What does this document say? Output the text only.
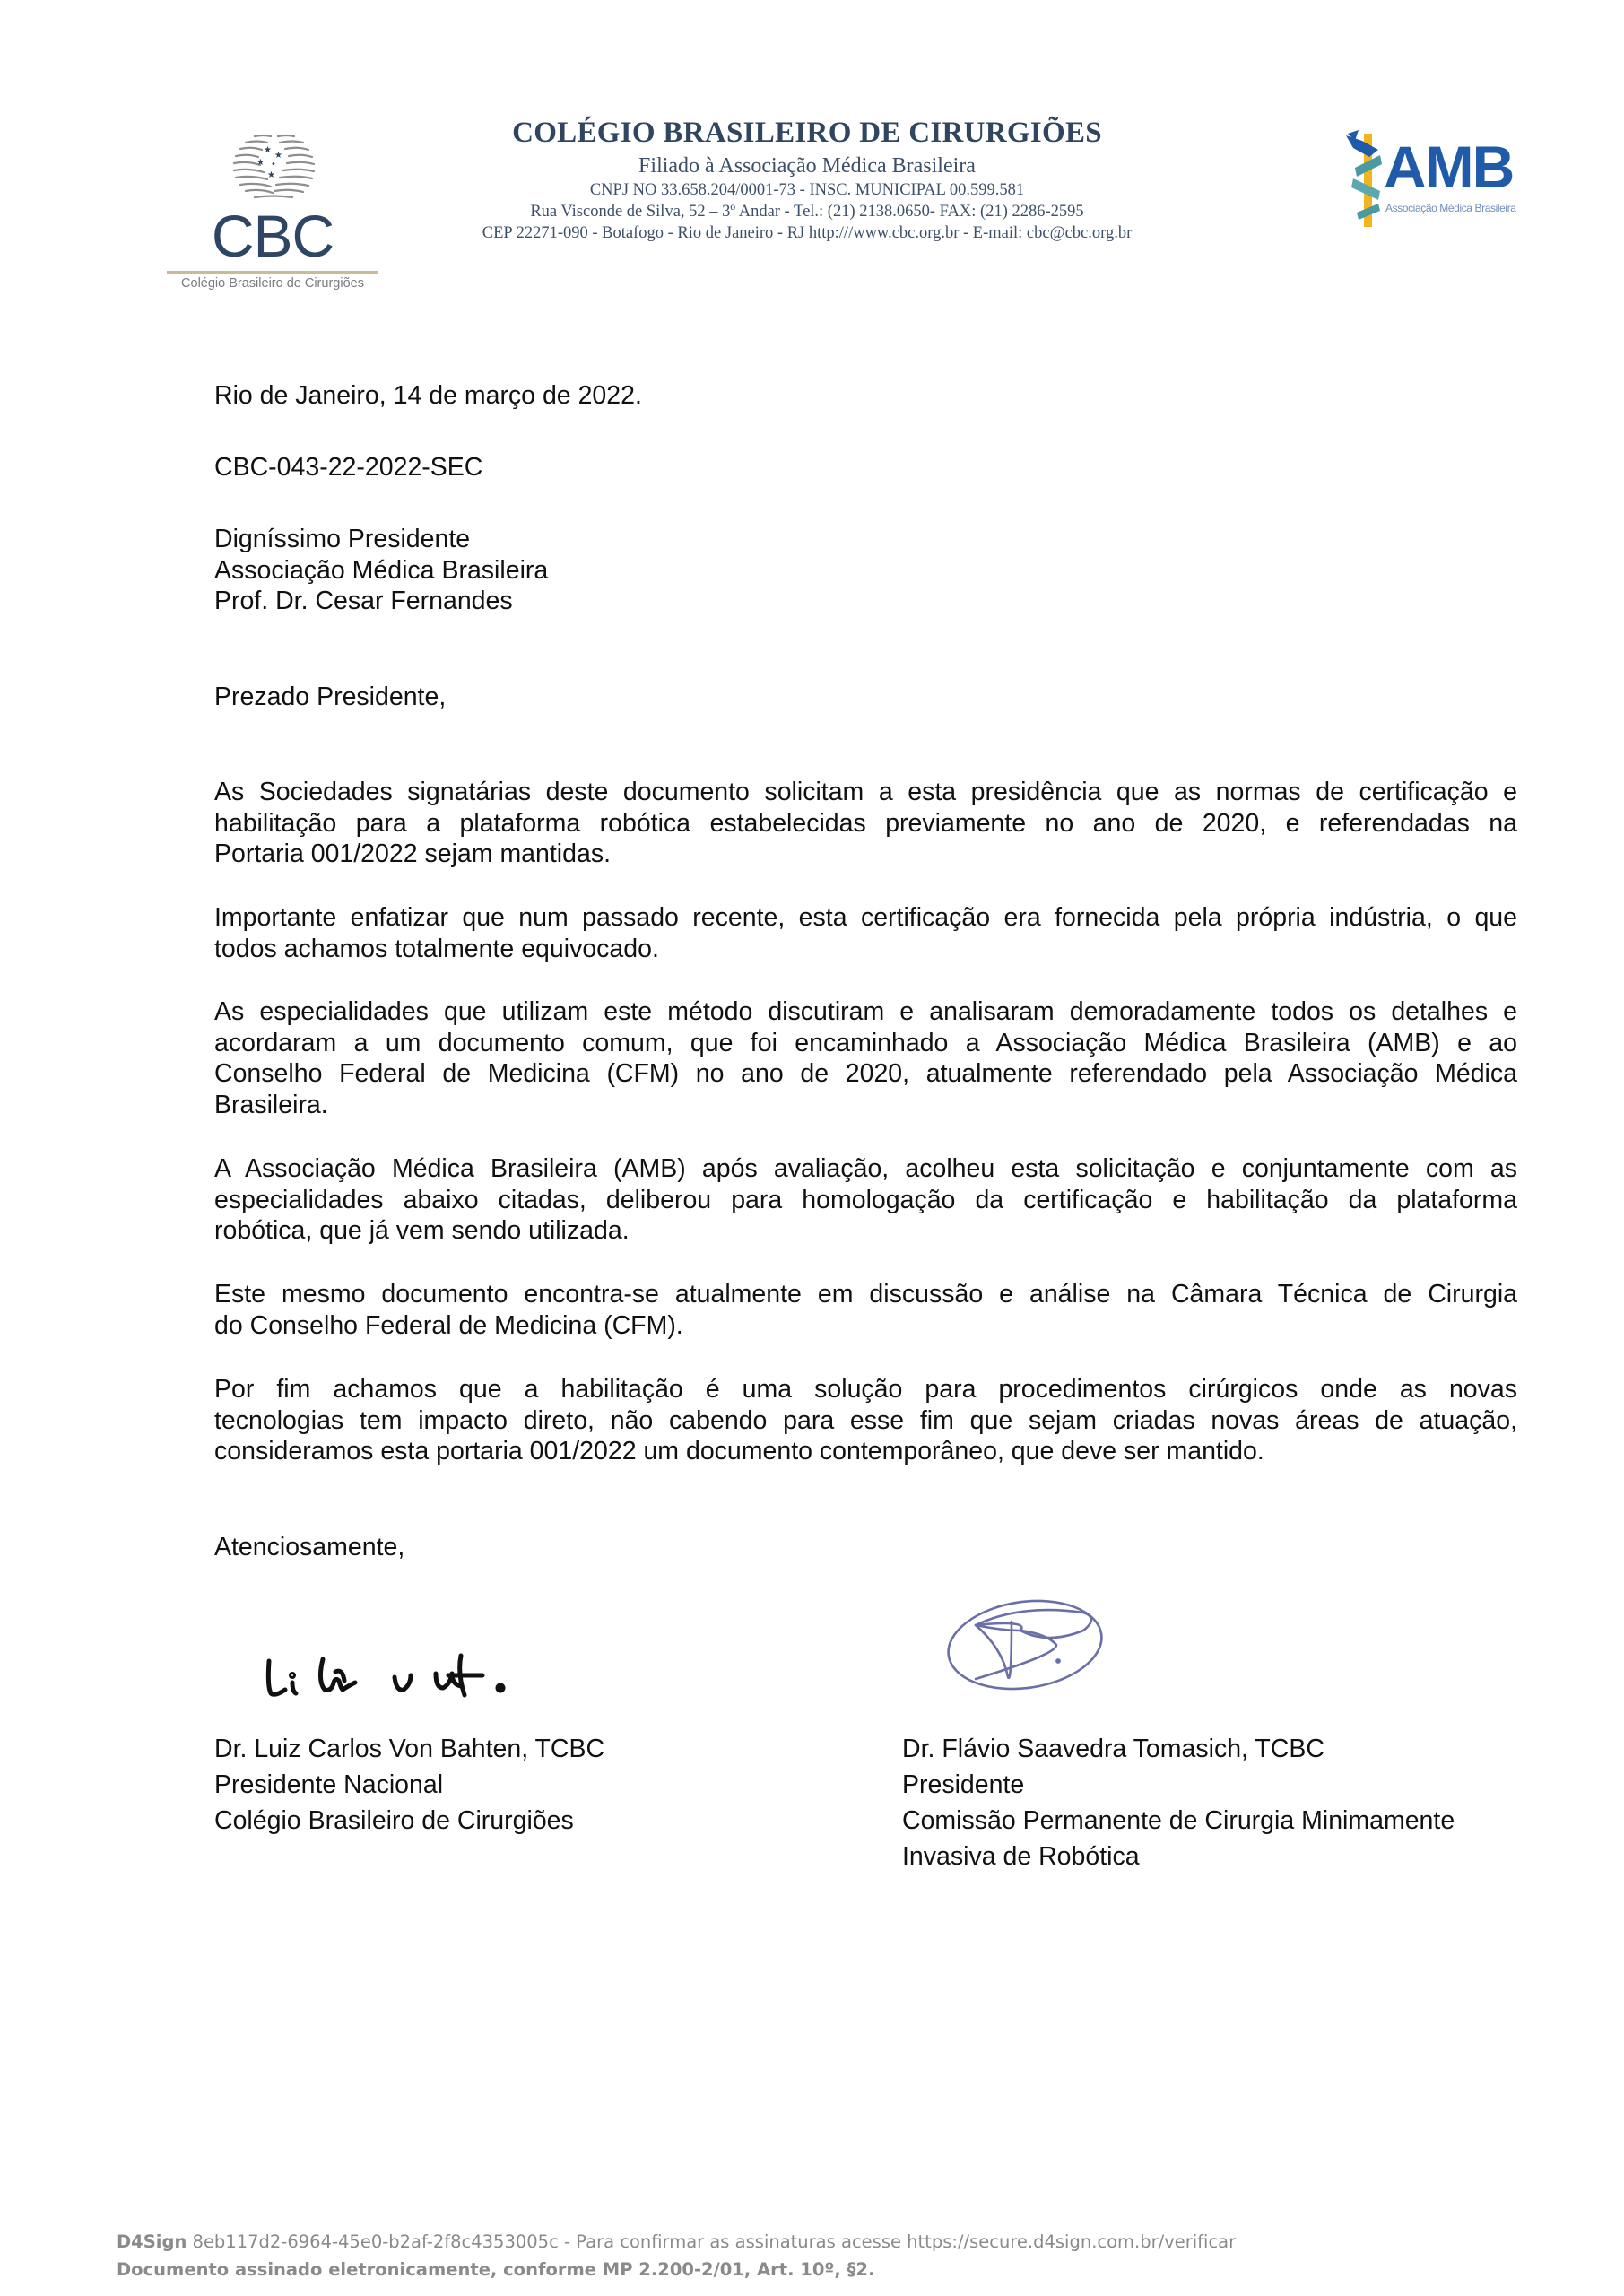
★
★
★ •
★
CBC
Colégio Brasileiro de Cirurgiões
COLÉGIO BRASILEIRO DE CIRURGIÕES
Filiado à Associação Médica Brasileira
CNPJ NO 33.658.204/0001-73 - INSC. MUNICIPAL 00.599.581
Rua Visconde de Silva, 52 – 3º Andar - Tel.: (21) 2138.0650- FAX: (21) 2286-2595
CEP 22271-090 - Botafogo - Rio de Janeiro - RJ http:///www.cbc.org.br - E-mail: cbc@cbc.org.br
AMB
Associação Médica Brasileira
Rio de Janeiro, 14 de março de 2022.
CBC-043-22-2022-SEC
Digníssimo Presidente
Associação Médica Brasileira
Prof. Dr. Cesar Fernandes
Prezado Presidente,
As Sociedades signatárias deste documento solicitam a esta presidência que as normas de certificação e
habilitação para a plataforma robótica estabelecidas previamente no ano de 2020, e referendadas na
Portaria 001/2022 sejam mantidas.
Importante enfatizar que num passado recente, esta certificação era fornecida pela própria indústria, o que
todos achamos totalmente equivocado.
As especialidades que utilizam este método discutiram e analisaram demoradamente todos os detalhes e
acordaram a um documento comum, que foi encaminhado a Associação Médica Brasileira (AMB) e ao
Conselho Federal de Medicina (CFM) no ano de 2020, atualmente referendado pela Associação Médica
Brasileira.
A Associação Médica Brasileira (AMB) após avaliação, acolheu esta solicitação e conjuntamente com as
especialidades abaixo citadas, deliberou para homologação da certificação e habilitação da plataforma
robótica, que já vem sendo utilizada.
Este mesmo documento encontra-se atualmente em discussão e análise na Câmara Técnica de Cirurgia
do Conselho Federal de Medicina (CFM).
Por fim achamos que a habilitação é uma solução para procedimentos cirúrgicos onde as novas
tecnologias tem impacto direto, não cabendo para esse fim que sejam criadas novas áreas de atuação,
consideramos esta portaria 001/2022 um documento contemporâneo, que deve ser mantido.
Atenciosamente,
Dr. Luiz Carlos Von Bahten, TCBC
Presidente Nacional
Colégio Brasileiro de Cirurgiões
Dr. Flávio Saavedra Tomasich, TCBC
Presidente
Comissão Permanente de Cirurgia Minimamente
Invasiva de Robótica
D4Sign 8eb117d2-6964-45e0-b2af-2f8c4353005c - Para confirmar as assinaturas acesse https://secure.d4sign.com.br/verificar
Documento assinado eletronicamente, conforme MP 2.200-2/01, Art. 10º, §2.
